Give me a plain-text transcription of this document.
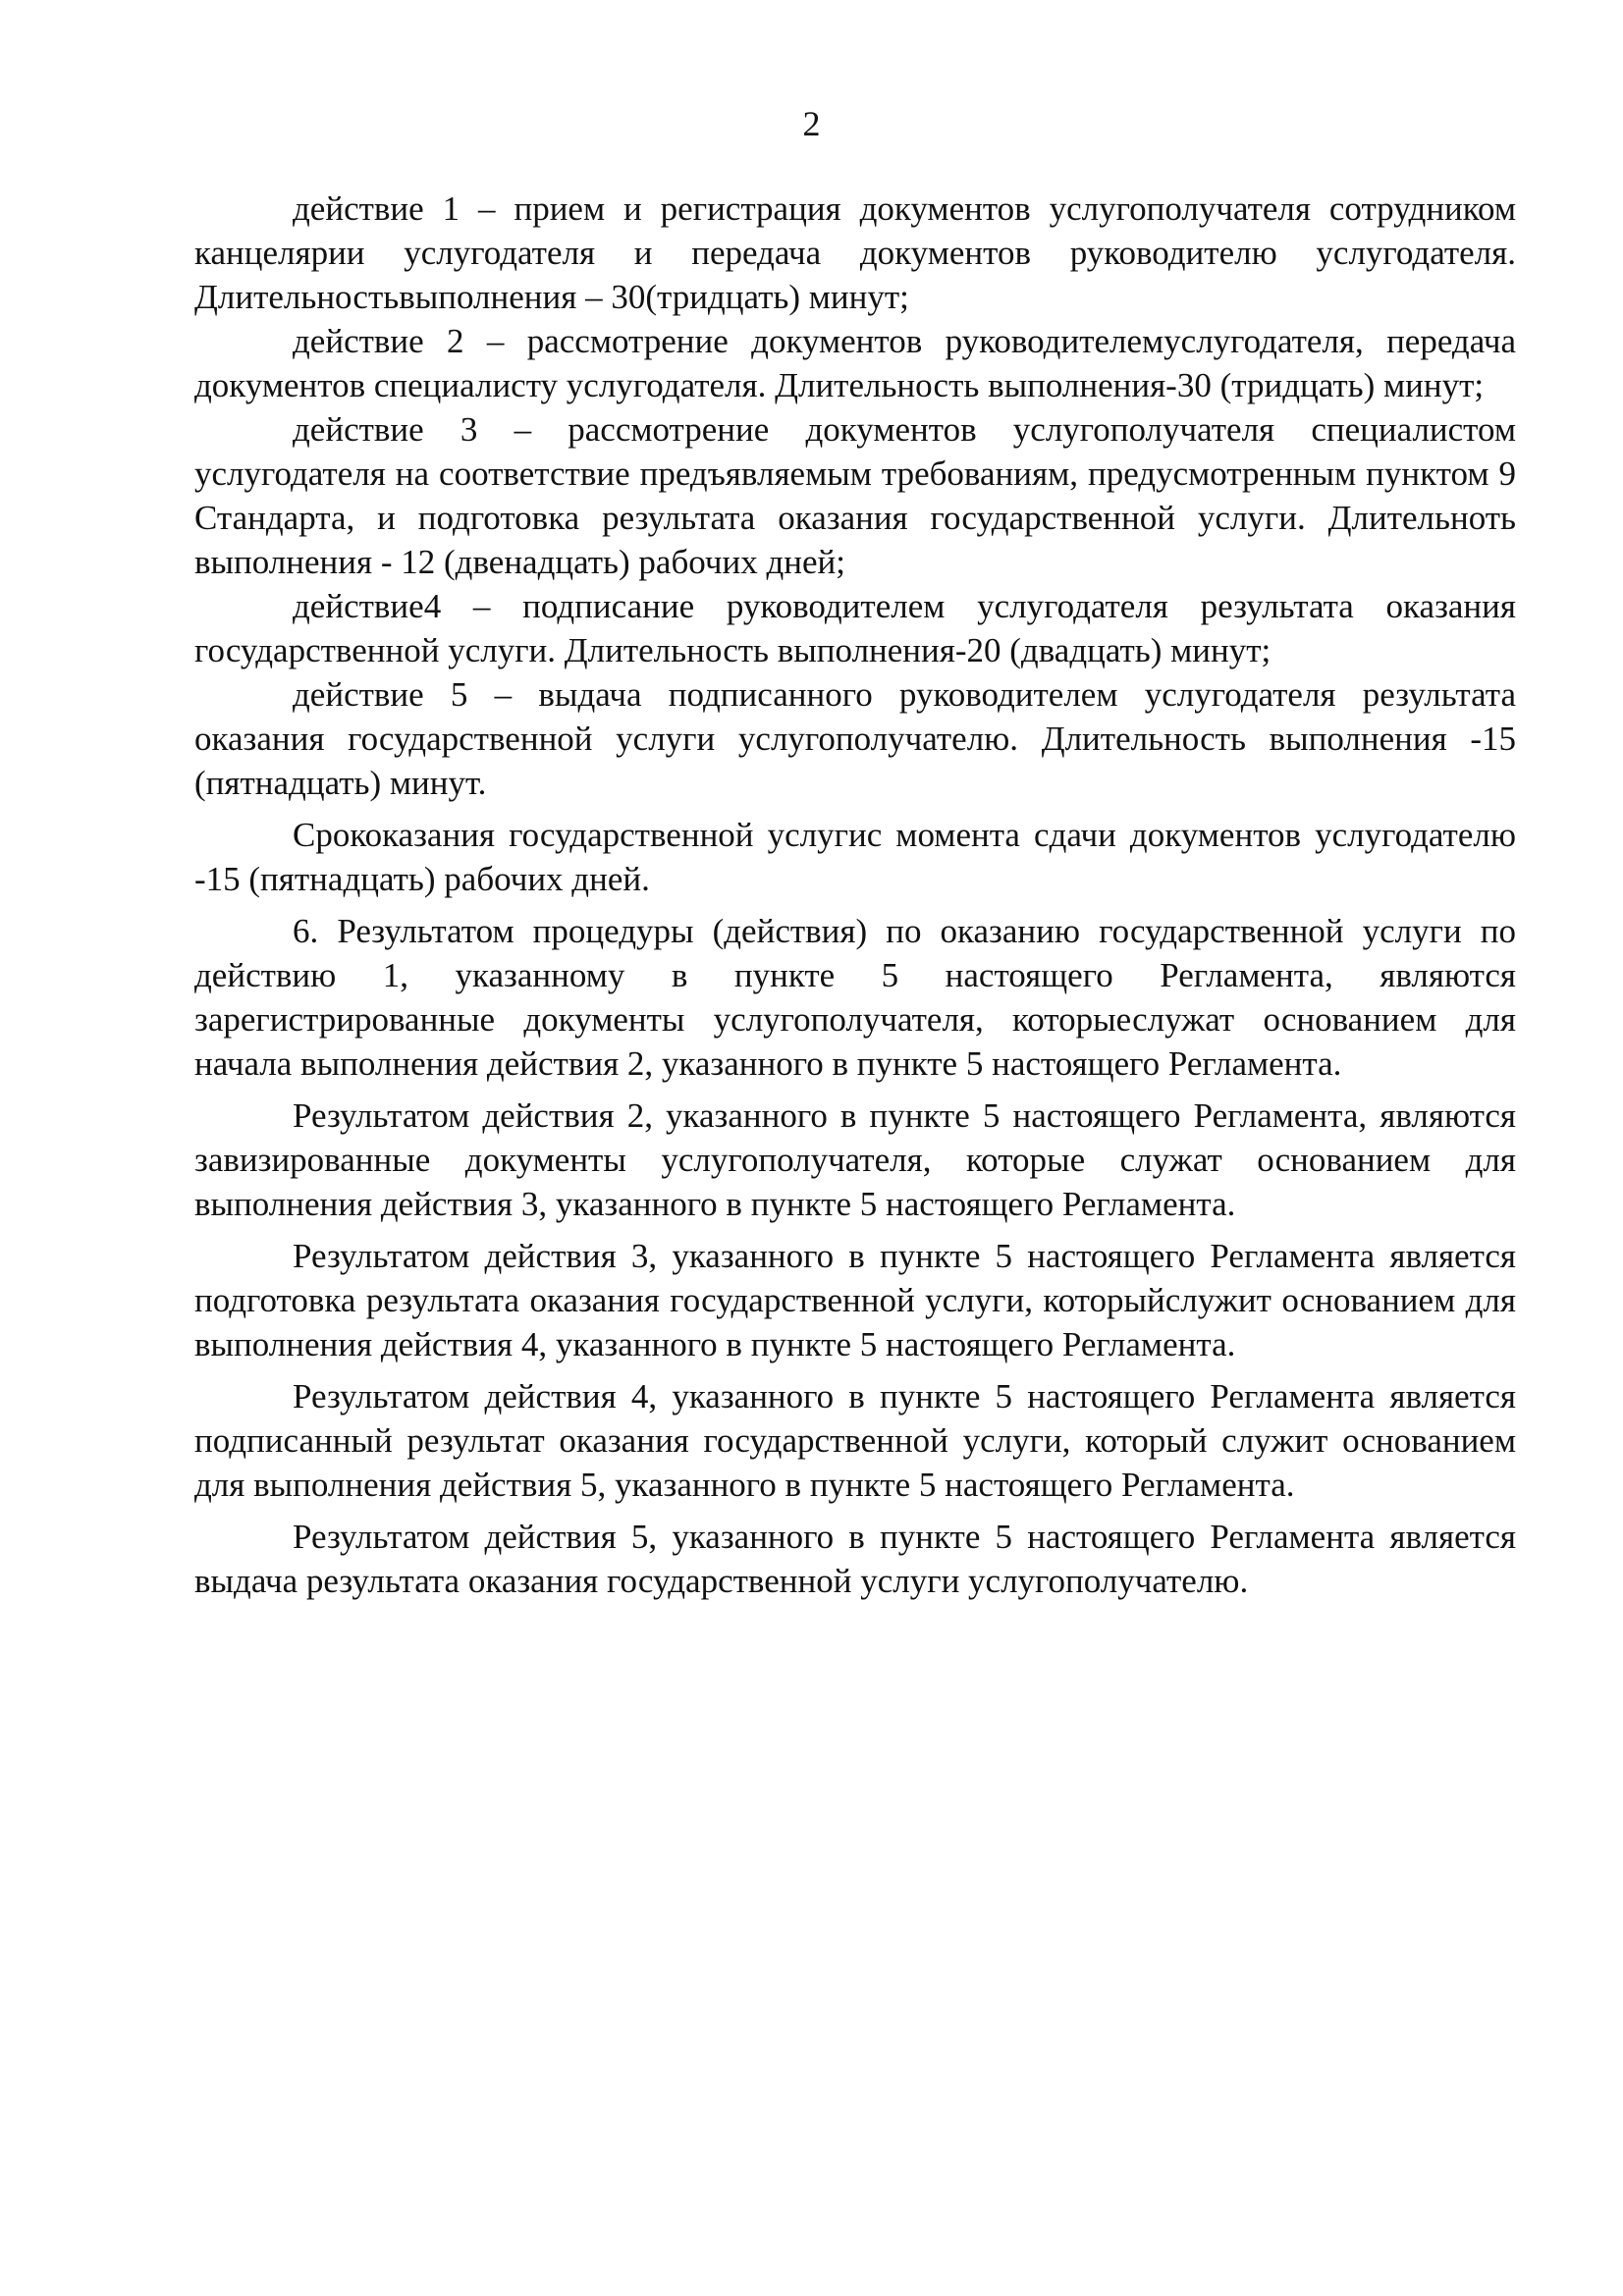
2

действие 1 – прием и регистрация документов услугополучателя сотрудником канцелярии услугодателя и передача документов руководителю услугодателя. Длительностьвыполнения – 30(тридцать) минут;

действие 2 – рассмотрение документов руководителемуслугодателя, передача документов специалисту услугодателя. Длительность выполнения-30 (тридцать) минут;

действие 3 – рассмотрение документов услугополучателя специалистом услугодателя на соответствие предъявляемым требованиям, предусмотренным пунктом 9 Стандарта, и подготовка результата оказания государственной услуги. Длительноть выполнения - 12 (двенадцать) рабочих дней;

действие4 – подписание руководителем услугодателя результата оказания государственной услуги. Длительность выполнения-20 (двадцать) минут;

действие 5 – выдача подписанного руководителем услугодателя результата оказания государственной услуги услугополучателю. Длительность выполнения -15 (пятнадцать) минут.

Срококазания государственной услугис момента сдачи документов услугодателю -15 (пятнадцать) рабочих дней.

6. Результатом процедуры (действия) по оказанию государственной услуги по действию 1, указанному в пункте 5 настоящего Регламента, являются зарегистрированные документы услугополучателя, которыеслужат основанием для начала выполнения действия 2, указанного в пункте 5 настоящего Регламента.

Результатом действия 2, указанного в пункте 5 настоящего Регламента, являются завизированные документы услугополучателя, которые служат основанием для выполнения действия 3, указанного в пункте 5 настоящего Регламента.

Результатом действия 3, указанного в пункте 5 настоящего Регламента является подготовка результата оказания государственной услуги, которыйслужит основанием для выполнения действия 4, указанного в пункте 5 настоящего Регламента.

Результатом действия 4, указанного в пункте 5 настоящего Регламента является подписанный результат оказания государственной услуги, который служит основанием для выполнения действия 5, указанного в пункте 5 настоящего Регламента.

Результатом действия 5, указанного в пункте 5 настоящего Регламента является выдача результата оказания государственной услуги услугополучателю.
